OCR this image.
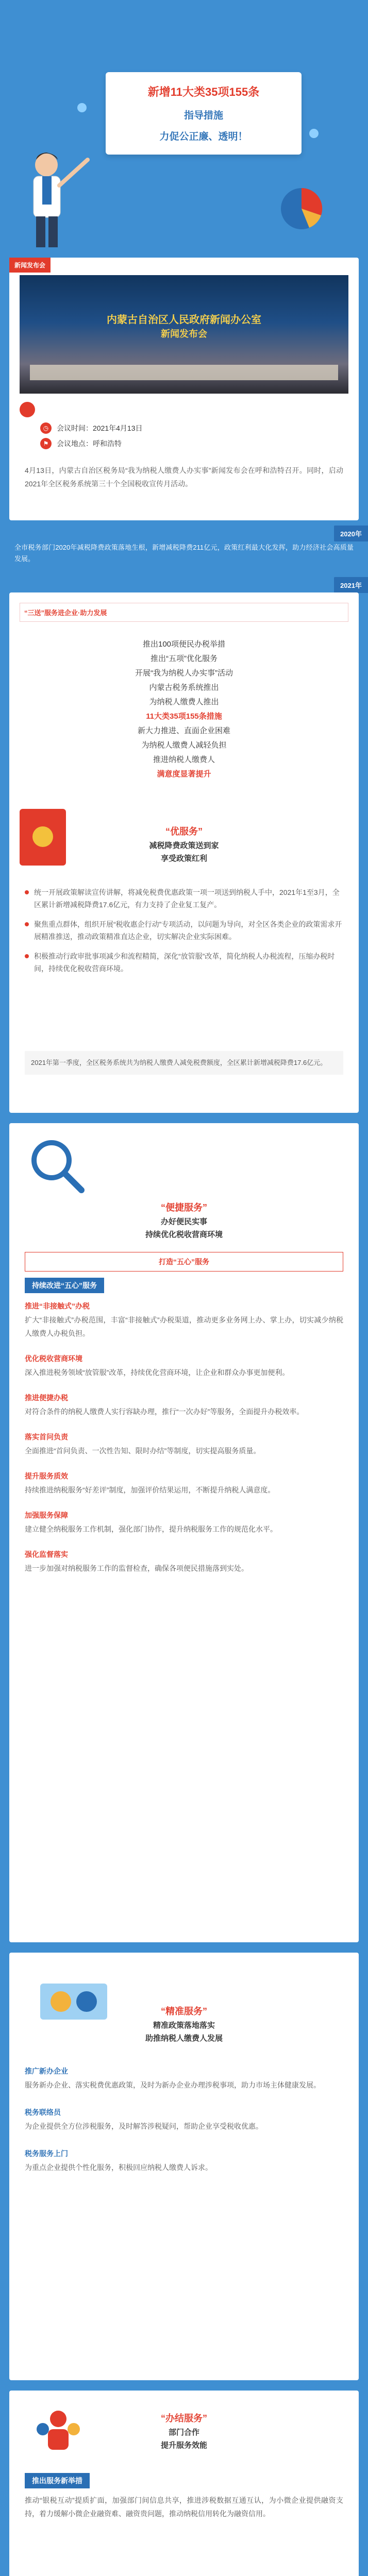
新增11大类35项155条
指导措施
力促公正廉、透明！
新闻发布会
内蒙古自治区人民政府新闻办公室
新闻发布会
◷	会议时间：2021年4月13日
⚑	会议地点：呼和浩特

4月13日，内蒙古自治区税务局“我为纳税人缴费人办实事”新闻发布会在呼和浩特召开。同时，启动2021年全区税务系统第三十个全国税收宣传月活动。

2020年

全市税务部门2020年减税降费政策落地生根，新增减税降费211亿元，政策红利最大化发挥，助力经济社会高质量发展。

2021年
“三送”服务进企业·助力发展
推出100项便民办税举措
推出“五项”优化服务
开展“我为纳税人办实事”活动
内蒙古税务系统推出
为纳税人缴费人推出
11大类35项155条措施
新大力推进、直面企业困难
为纳税人缴费人减轻负担
推进纳税人缴费人
满意度显著提升
“优服务”
减税降费政策送到家
享受政策红利
统一开展政策解读宣传讲解，将减免税费优惠政策一项一项送到纳税人手中，2021年1至3月，全区累计新增减税降费17.6亿元，有力支持了企业复工复产。
聚焦重点群体，组织开展“税收惠企行动”专项活动，以问题为导向，对全区各类企业的政策需求开展精准推送，推动政策精准直达企业，切实解决企业实际困难。
积极推动行政审批事项减少和流程精简，深化“放管服”改革，简化纳税人办税流程，压缩办税时间，持续优化税收营商环境。
2021年第一季度，全区税务系统共为纳税人缴费人减免税费额度，全区累计新增减税降费17.6亿元。
“便捷服务”
办好便民实事
持续优化税收营商环境
打造“五心”服务
持续改进“五心”服务
推进“非接触式”办税
扩大“非接触式”办税范围，丰富“非接触式”办税渠道，推动更多业务网上办、掌上办，切实减少纳税人缴费人办税负担。
优化税收营商环境
深入推进税务领域“放管服”改革，持续优化营商环境，让企业和群众办事更加便利。
推进便捷办税
对符合条件的纳税人缴费人实行容缺办理，推行“一次办好”等服务，全面提升办税效率。
落实首问负责
全面推进“首问负责、一次性告知、限时办结”等制度，切实提高服务质量。
提升服务质效
持续推进纳税服务“好差评”制度，加强评价结果运用，不断提升纳税人满意度。
加强服务保障
建立健全纳税服务工作机制，强化部门协作，提升纳税服务工作的规范化水平。
强化监督落实
进一步加强对纳税服务工作的监督检查，确保各项便民措施落到实处。
“精准服务”
精准政策落地落实
助推纳税人缴费人发展
推广新办企业
服务新办企业、落实税费优惠政策，及时为新办企业办理涉税事项，助力市场主体健康发展。
税务联络员
为企业提供全方位涉税服务，及时解答涉税疑问，帮助企业享受税收优惠。
税务服务上门
为重点企业提供个性化服务，积极回应纳税人缴费人诉求。
“办结服务”
部门合作
提升服务效能
推出服务新举措

推动“银税互动”提质扩面，加强部门间信息共享，推进涉税数据互通互认，为小微企业提供融资支持，着力缓解小微企业融资难、融资贵问题，推动纳税信用转化为融资信用。
